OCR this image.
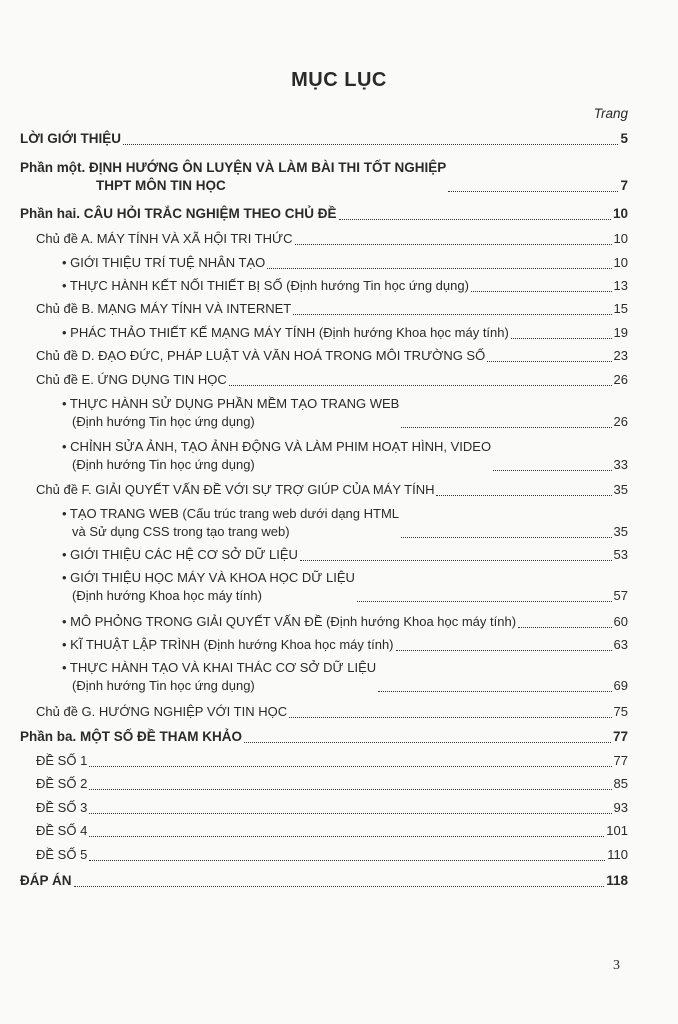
MỤC LỤC
Trang
LỜI GIỚI THIỆU	5
Phần một. ĐỊNH HƯỚNG ÔN LUYỆN VÀ LÀM BÀI THI TỐT NGHIỆP
THPT MÔN TIN HỌC	7
Phần hai. CÂU HỎI TRẮC NGHIỆM THEO CHỦ ĐỀ	10
Chủ đề A. MÁY TÍNH VÀ XÃ HỘI TRI THỨC	10
• GIỚI THIỆU TRÍ TUỆ NHÂN TẠO	10
• THỰC HÀNH KẾT NỐI THIẾT BỊ SỐ (Định hướng Tin học ứng dụng)	13
Chủ đề B. MẠNG MÁY TÍNH VÀ INTERNET	15
• PHÁC THẢO THIẾT KẾ MẠNG MÁY TÍNH (Định hướng Khoa học máy tính)	19
Chủ đề D. ĐẠO ĐỨC, PHÁP LUẬT VÀ VĂN HOÁ TRONG MÔI TRƯỜNG SỐ	23
Chủ đề E. ỨNG DỤNG TIN HỌC	26
• THỰC HÀNH SỬ DỤNG PHẦN MỀM TẠO TRANG WEB
(Định hướng Tin học ứng dụng)	26
• CHỈNH SỬA ẢNH, TẠO ẢNH ĐỘNG VÀ LÀM PHIM HOẠT HÌNH, VIDEO
(Định hướng Tin học ứng dụng)	33
Chủ đề F. GIẢI QUYẾT VẤN ĐỀ VỚI SỰ TRỢ GIÚP CỦA MÁY TÍNH	35
• TẠO TRANG WEB (Cấu trúc trang web dưới dạng HTML
và Sử dụng CSS trong tạo trang web)	35
• GIỚI THIỆU CÁC HỆ CƠ SỞ DỮ LIỆU	53
• GIỚI THIỆU HỌC MÁY VÀ KHOA HỌC DỮ LIỆU
(Định hướng Khoa học máy tính)	57
• MÔ PHỎNG TRONG GIẢI QUYẾT VẤN ĐỀ (Định hướng Khoa học máy tính)	60
• KĨ THUẬT LẬP TRÌNH (Định hướng Khoa học máy tính)	63
• THỰC HÀNH TẠO VÀ KHAI THÁC CƠ SỞ DỮ LIỆU
(Định hướng Tin học ứng dụng)	69
Chủ đề G. HƯỚNG NGHIỆP VỚI TIN HỌC	75
Phần ba. MỘT SỐ ĐỀ THAM KHẢO	77
ĐỀ SỐ 1	77
ĐỀ SỐ 2	85
ĐỀ SỐ 3	93
ĐỀ SỐ 4	101
ĐỀ SỐ 5	110
ĐÁP ÁN	118
3
